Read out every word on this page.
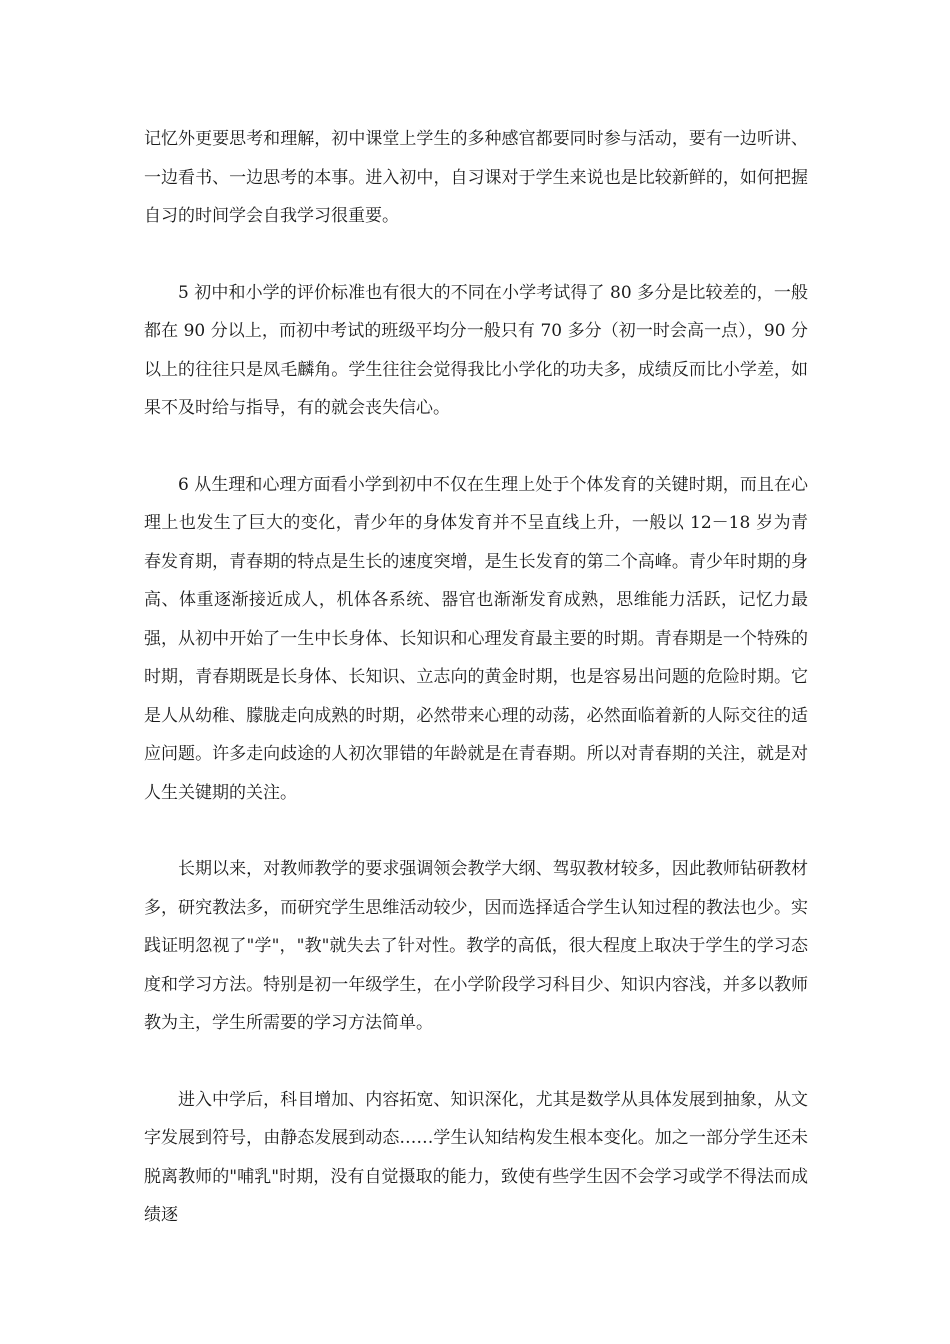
记忆外更要思考和理解，初中课堂上学生的多种感官都要同时参与活动，要有一边听讲、一边看书、一边思考的本事。进入初中，自习课对于学生来说也是比较新鲜的，如何把握自习的时间学会自我学习很重要。

5 初中和小学的评价标准也有很大的不同在小学考试得了 80 多分是比较差的，一般都在 90 分以上，而初中考试的班级平均分一般只有 70 多分（初一时会高一点），90 分以上的往往只是凤毛麟角。学生往往会觉得我比小学化的功夫多，成绩反而比小学差，如果不及时给与指导，有的就会丧失信心。

6 从生理和心理方面看小学到初中不仅在生理上处于个体发育的关键时期，而且在心理上也发生了巨大的变化，青少年的身体发育并不呈直线上升，一般以 12－18 岁为青春发育期，青春期的特点是生长的速度突增，是生长发育的第二个高峰。青少年时期的身高、体重逐渐接近成人，机体各系统、器官也渐渐发育成熟，思维能力活跃，记忆力最强，从初中开始了一生中长身体、长知识和心理发育最主要的时期。青春期是一个特殊的时期，青春期既是长身体、长知识、立志向的黄金时期，也是容易出问题的危险时期。它是人从幼稚、朦胧走向成熟的时期，必然带来心理的动荡，必然面临着新的人际交往的适应问题。许多走向歧途的人初次罪错的年龄就是在青春期。所以对青春期的关注，就是对人生关键期的关注。

长期以来，对教师教学的要求强调领会教学大纲、驾驭教材较多，因此教师钻研教材多，研究教法多，而研究学生思维活动较少，因而选择适合学生认知过程的教法也少。实践证明忽视了"学"，"教"就失去了针对性。教学的高低，很大程度上取决于学生的学习态度和学习方法。特别是初一年级学生，在小学阶段学习科目少、知识内容浅，并多以教师教为主，学生所需要的学习方法简单。

进入中学后，科目增加、内容拓宽、知识深化，尤其是数学从具体发展到抽象，从文字发展到符号，由静态发展到动态……学生认知结构发生根本变化。加之一部分学生还未脱离教师的"哺乳"时期，没有自觉摄取的能力，致使有些学生因不会学习或学不得法而成绩逐
